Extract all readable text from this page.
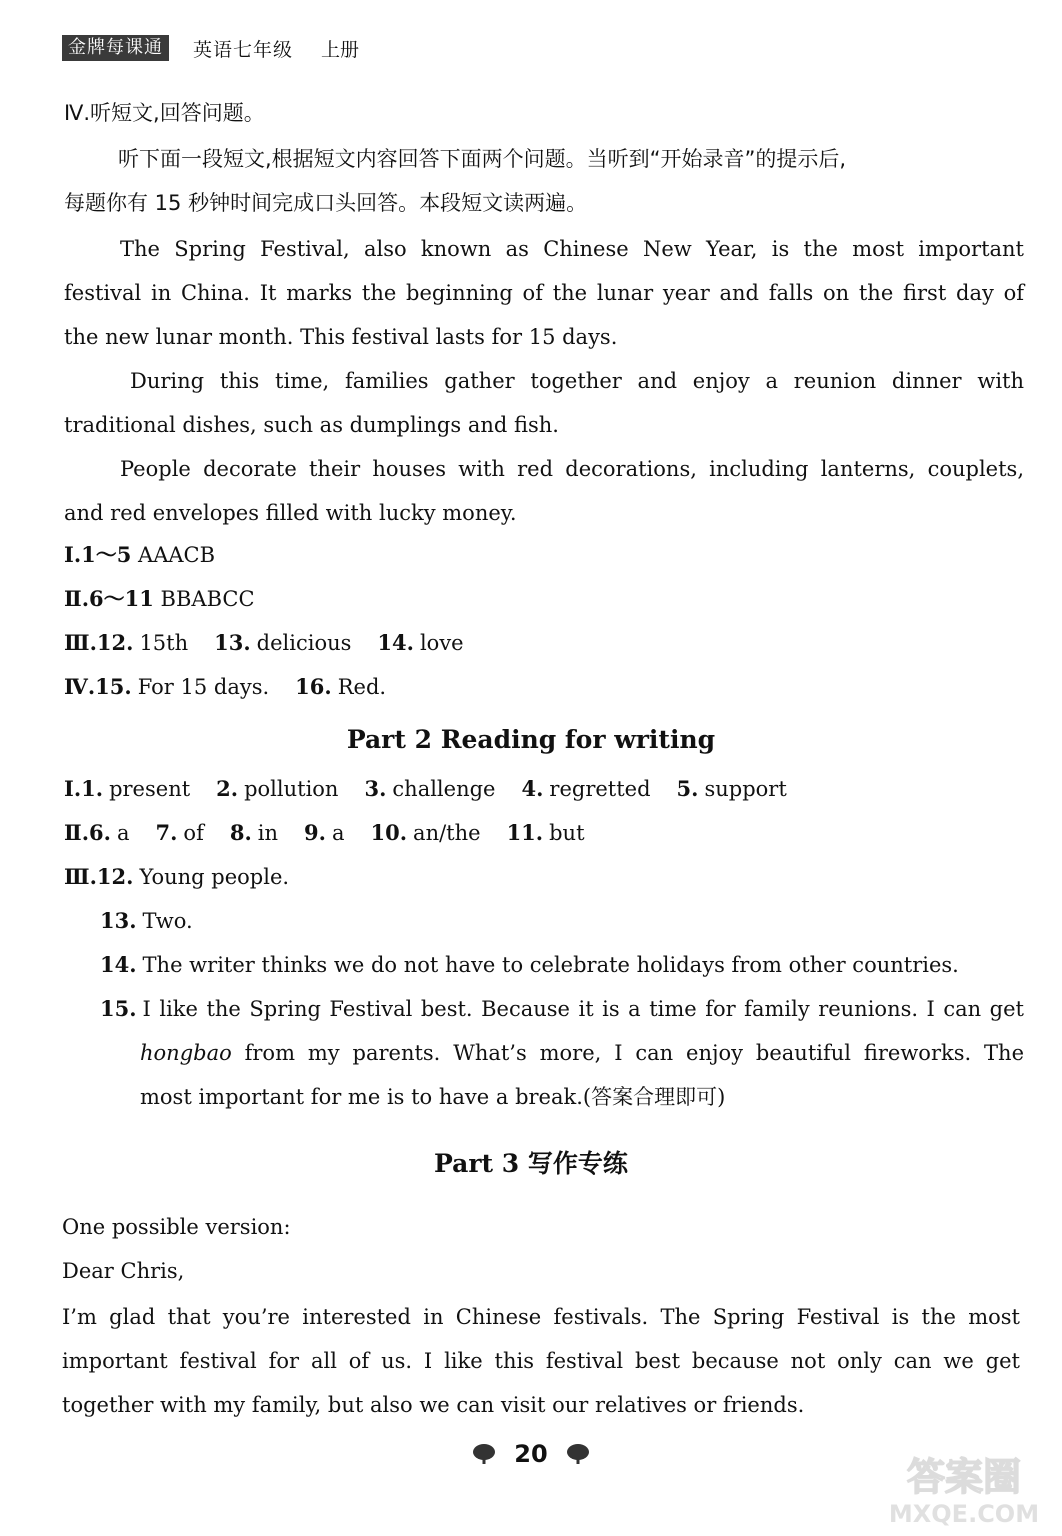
金牌每课通	英语七年级 上册
Ⅳ.听短文,回答问题。
听下面一段短文,根据短文内容回答下面两个问题。当听到“开始录音”的提示后,
每题你有 15 秒钟时间完成口头回答。本段短文读两遍。
The Spring Festival, also known as Chinese New Year, is the most important
festival in China. It marks the beginning of the lunar year and falls on the first day of
the new lunar month. This festival lasts for 15 days.
During this time, families gather together and enjoy a reunion dinner with
traditional dishes, such as dumplings and fish.
People decorate their houses with red decorations, including lanterns, couplets,
and red envelopes filled with lucky money.
Ⅰ.1～5 AAACB
Ⅱ.6～11 BBABCC
Ⅲ.12. 15th 13. delicious 14. love
Ⅳ.15. For 15 days. 16. Red.
Part 2 Reading for writing
Ⅰ.1. present 2. pollution 3. challenge 4. regretted 5. support
Ⅱ.6. a 7. of 8. in 9. a 10. an/the 11. but
Ⅲ.12. Young people.
13. Two.
14. The writer thinks we do not have to celebrate holidays from other countries.
15. I like the Spring Festival best. Because it is a time for family reunions. I can get
hongbao from my parents. What’s more, I can enjoy beautiful fireworks. The
most important for me is to have a break.(答案合理即可)
Part 3 写作专练
One possible version:
Dear Chris,
I’m glad that you’re interested in Chinese festivals. The Spring Festival is the most
important festival for all of us. I like this festival best because not only can we get
together with my family, but also we can visit our relatives or friends.
20
答案圈
MXQE.COM
